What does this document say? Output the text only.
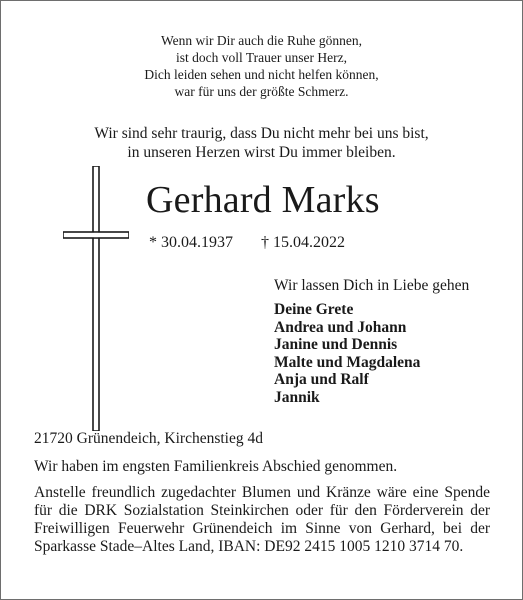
Wenn wir Dir auch die Ruhe gönnen,
ist doch voll Trauer unser Herz,
Dich leiden sehen und nicht helfen können,
war für uns der größte Schmerz.
Wir sind sehr traurig, dass Du nicht mehr bei uns bist,
in unseren Herzen wirst Du immer bleiben.
Gerhard Marks
* 30.04.1937 † 15.04.2022
Wir lassen Dich in Liebe gehen
Deine Grete
Andrea und Johann
Janine und Dennis
Malte und Magdalena
Anja und Ralf
Jannik
21720 Grünendeich, Kirchenstieg 4d
Wir haben im engsten Familienkreis Abschied genommen.
Anstelle freundlich zugedachter Blumen und Kränze wäre eine Spende für die DRK Sozialstation Steinkirchen oder für den Förderverein der Freiwilligen Feuerwehr Grünendeich im Sinne von Gerhard, bei der Sparkasse Stade–Altes Land, IBAN: DE92 2415 1005 1210 3714 70.
